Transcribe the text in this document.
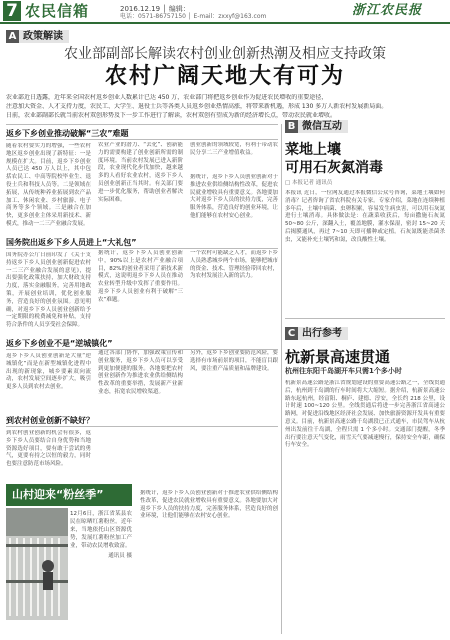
7 农民信箱	2016.12.19 │ 编辑：
电话：0571-86757150 │ E-mail：zxxyf@163.com	浙江农民报
A 政策解读
农业部副部长解读农村创业创新热潮及相应支持政策
农村广阔天地大有可为

农业部近日透露，近年来全国农村返乡创业人数累计已达 450 万，农业部门将把返乡创业作为促进农民增收的重要途径，

注意加大资金、人才支持力度，农民工、大学生、退役士兵等各类人员返乡创业热情高涨，将带来新机遇，形成 130 多万人新农村发展新局面。

日前，农业部副部长就当前农村双创形势及下一步工作进行了解读，农村双创有望成为新的经济增长点，带动农民就业增收。

返乡下乡创业推动破解“三农”难题
随着农村要实力的增强，一些农村地区返乡创业出现了新特征：一是规模在扩大。目前，返乡下乡创业人员已达 450 万人以上，其中包括农民工、中高等院校毕业生、退役士兵和科技人员等。二是领域在拓展，从传统种养业拓展到农产品加工、休闲农业、乡村旅游、电子商务等多个领域。三是融合在加快，更多创业主体采用新技术、新模式，推动一二三产业融合发展。
国务院出返乡下乡人员进上“大礼包”
国务院办公厅日前印发了《关于支持返乡下乡人员创业创新促进农村一二三产业融合发展的意见》，提出要强化政策扶持，加大财政支持力度，落实金融服务，完善用地政策，开展创业培训，优化创业服务，营造良好的创业氛围。意见明确，对返乡下乡人员创业创新给予一定期限的税费减免和补贴，支持符合条件的人员享受社会保障。
返乡下乡创业不是“逆城镇化”
返乡下乡人员创业创新是大量“逆城镇化”而是在新型城镇化进程中出现的新现象，城乡要素双向流动，农村发展空间逐步扩大，吸引更多人员到农村去创业。
到农村创业创新不缺好？
到农村创业创新的机会有很多，返乡下乡人员要结合自身优势和当地资源选好项目，要有敢于尝试的勇气，更要有持之以恒的毅力，同时也要注意防范市场风险。
农业产业的潜力、“去化”、创新能力的需要构建了创业创新所需的制度环境。当前农村发展已进入新阶段，农业现代化步伐加快，越来越多的人看好农业农村，返乡下乡人员创业创新正当其时。有关部门要进一步优化服务，帮助创业者解决实际困难。
据统计，返乡下乡人员创业创新中，90%以上是农村产业融合项目，82%的创业者采用了新技术新模式，这说明返乡下乡人员在推动农业转型升级中发挥了重要作用。返乡下乡人员创业有利于破解“三农”难题。
通过各部门协作，加强政策宣传和创业服务，返乡下乡人员可以享受到更加便捷的服务。各地要把农村创业创新作为推进农业供给侧结构性改革的重要举措，发展新产业新业态，拓宽农民增收渠道。
创业创新的领域较宽，有利于带动农民分享二三产业增值收益。
据统计，返乡下乡人员创业创新对于推进农业供给侧结构性改革，促进农民就业增收具有重要意义。各地要加大对返乡下乡人员的扶持力度，完善服务体系，营造良好的创业环境，让他们能够在农村安心创业。
一个农村可能缺乏人才，而返乡下乡人员熟悉城乡两个市场，能够把城市的资金、技术、管理经验带回农村，为农村发展注入新的活力。
另外，返乡下乡创业要防范风险，要选择有市场前景的项目，不能盲目跟风，要注重产品质量和品牌建设。
据统计，返乡下乡人员创业创新对于推进农业供给侧结构性改革，促进农民就业增收具有重要意义。各地要加大对返乡下乡人员的扶持力度，完善服务体系，营造良好的创业环境，让他们能够在农村安心创业。
山村迎来“粉丝季”
12月6日，浙江省某县农民在晾晒红薯粉丝。近年来，当地依托山区资源优势，发展红薯粉丝加工产业，带动农民增收致富。
通讯员 摄
B 微信互动
菜地上壤
可用石灰氮消毒
□ 本报记者 通讯员
本报讯 近日，一位网友通过本报微信公众号咨询，菜地土壤如何消毒？记者咨询了省农科院有关专家。专家介绍，菜地在连续种植多年后，土壤中病菌、虫卵积累，容易发生病虫害，可以用石灰氮进行土壤消毒。具体做法是：在蔬菜收获后，每亩撒施石灰氮 50~80 公斤，深翻入土，覆盖地膜，灌水保湿，密封 15~20 天后揭膜通风，再过 7~10 天即可播种或定植。石灰氮既能杀菌杀虫，又能补充土壤钙和氮，改良酸性土壤。
C 出行参考
杭新景高速贯通
杭州往东阳千岛湖开车只需1个多小时
杭新景高速公路是浙江省规划建设的重要高速公路之一，全线贯通后，杭州到千岛湖的行车时间将大大缩短。据介绍，杭新景高速公路东起杭州，经富阳、桐庐、建德、淳安，全长约 218 公里，设计时速 100~120 公里。全线贯通后将进一步完善浙江省高速公路网，对促进沿线地区经济社会发展、加快旅游资源开发具有重要意义。目前，杭新景高速公路千岛湖段已正式通车，市民驾车从杭州出发前往千岛湖，全程只需 1 个多小时。交通部门提醒，冬季出行要注意天气变化，雨雪天气要减速慢行，保持安全车距，确保行车安全。
